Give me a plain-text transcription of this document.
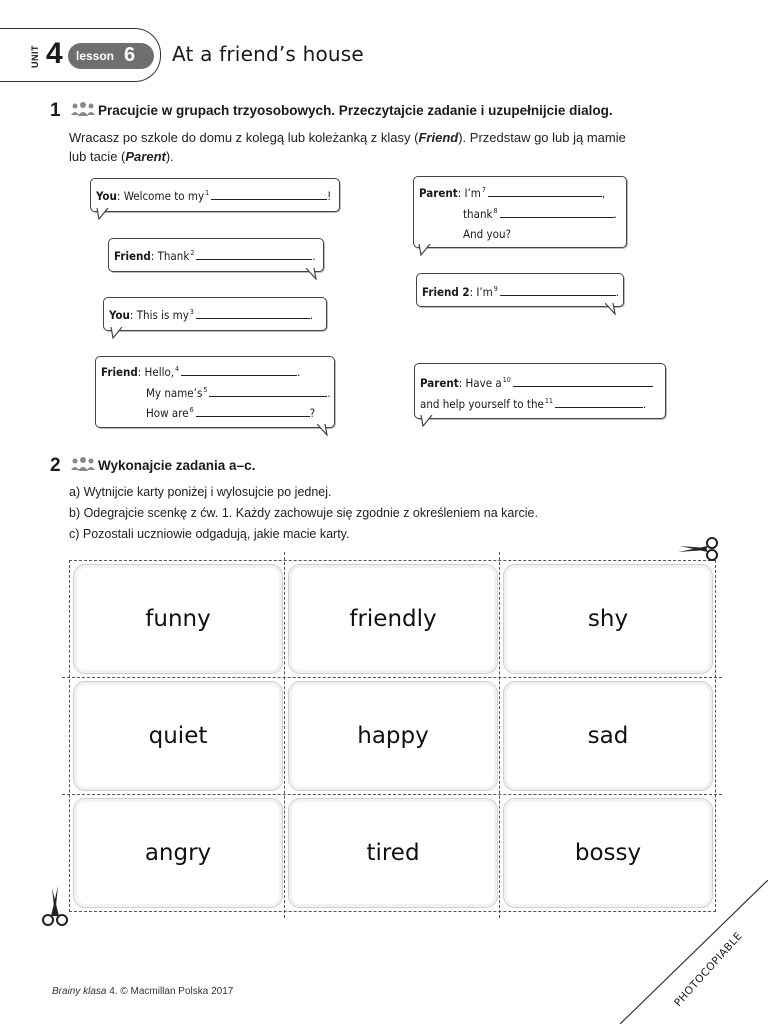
UNIT 4 lesson 6 At a friend’s house
1	Pracujcie w grupach trzyosobowych. Przeczytajcie zadanie i uzupełnijcie dialog.
Wracasz po szkole do domu z kolegą lub koleżanką z klasy (Friend). Przedstaw go lub ją mamie
lub tacie (Parent).
You: Welcome to $my^1$	!
Friend: Thank$^2$	.
You: This is $my^3$	.
Friend: Hello,$^4$	.
My $name’s^5$	.
How are$^6$	?
Parent: $I’m^7$	,
thank$^8$	.
And you?
Friend 2: $I’m^9$	.
Parent: Have $a^{10}$
and help yourself to the$^{11}$	.
2	Wykonajcie zadania a–c.
a) Wytnijcie karty poniżej i wylosujcie po jednej.
b) Odegrajcie scenkę z ćw. 1. Każdy zachowuje się zgodnie z określeniem na karcie.
c) Pozostali uczniowie odgadują, jakie macie karty.
funny	friendly	shy
quiet	happy	sad
angry	tired	bossy
Brainy klasa 4. © Macmillan Polska 2017	PHOTOCOPIABLE
